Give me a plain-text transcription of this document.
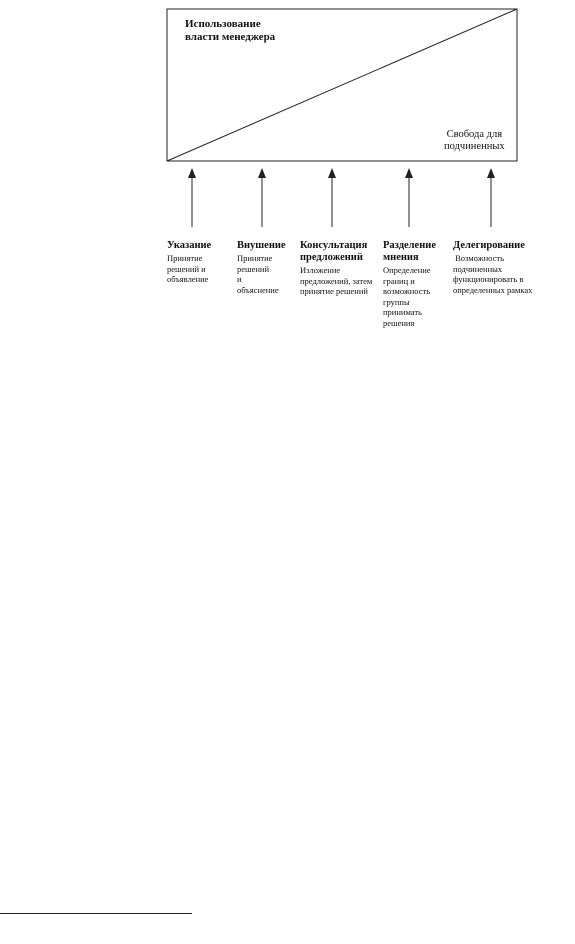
Использование
власти менеджера
Свобода для
подчиненных
Указание
Принятие
решений и
объявление
Внушение
Принятие
решений
и
объяснение
Консультация
предложений
Изложение
предложений, затем
принятие решений
Разделение
мнения
Определение
границ и
возможность
группы
принимать
решения
Делегирование
Возможность
подчиненных
функционировать в
определенных рамках
